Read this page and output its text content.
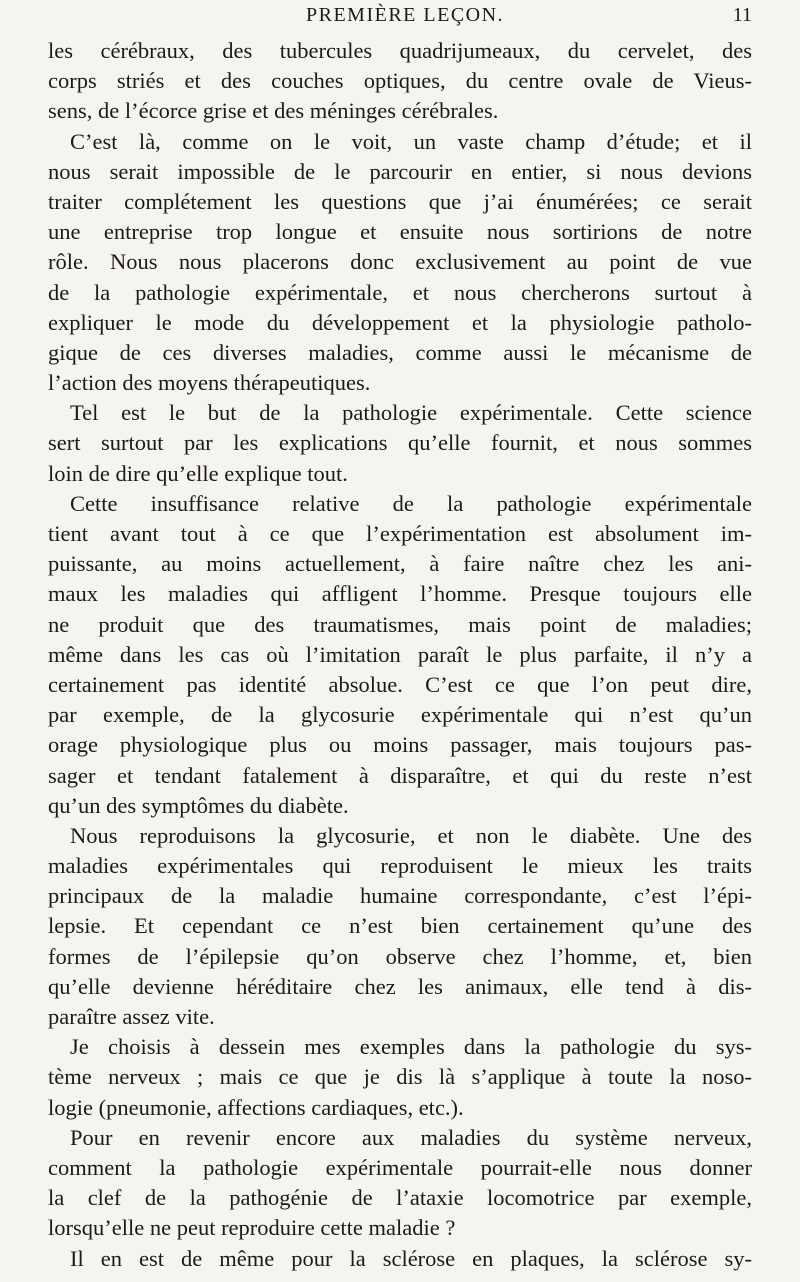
PREMIÈRE LEÇON.	11
les cérébraux, des tubercules quadrijumeaux, du cervelet, des
corps striés et des couches optiques, du centre ovale de Vieus-
sens, de l’écorce grise et des méninges cérébrales.
C’est là, comme on le voit, un vaste champ d’étude; et il
nous serait impossible de le parcourir en entier, si nous devions
traiter complétement les questions que j’ai énumérées; ce serait
une entreprise trop longue et ensuite nous sortirions de notre
rôle. Nous nous placerons donc exclusivement au point de vue
de la pathologie expérimentale, et nous chercherons surtout à
expliquer le mode du développement et la physiologie patholo-
gique de ces diverses maladies, comme aussi le mécanisme de
l’action des moyens thérapeutiques.
Tel est le but de la pathologie expérimentale. Cette science
sert surtout par les explications qu’elle fournit, et nous sommes
loin de dire qu’elle explique tout.
Cette insuffisance relative de la pathologie expérimentale
tient avant tout à ce que l’expérimentation est absolument im-
puissante, au moins actuellement, à faire naître chez les ani-
maux les maladies qui affligent l’homme. Presque toujours elle
ne produit que des traumatismes, mais point de maladies;
même dans les cas où l’imitation paraît le plus parfaite, il n’y a
certainement pas identité absolue. C’est ce que l’on peut dire,
par exemple, de la glycosurie expérimentale qui n’est qu’un
orage physiologique plus ou moins passager, mais toujours pas-
sager et tendant fatalement à disparaître, et qui du reste n’est
qu’un des symptômes du diabète.
Nous reproduisons la glycosurie, et non le diabète. Une des
maladies expérimentales qui reproduisent le mieux les traits
principaux de la maladie humaine correspondante, c’est l’épi-
lepsie. Et cependant ce n’est bien certainement qu’une des
formes de l’épilepsie qu’on observe chez l’homme, et, bien
qu’elle devienne héréditaire chez les animaux, elle tend à dis-
paraître assez vite.
Je choisis à dessein mes exemples dans la pathologie du sys-
tème nerveux ; mais ce que je dis là s’applique à toute la noso-
logie (pneumonie, affections cardiaques, etc.).
Pour en revenir encore aux maladies du système nerveux,
comment la pathologie expérimentale pourrait-elle nous donner
la clef de la pathogénie de l’ataxie locomotrice par exemple,
lorsqu’elle ne peut reproduire cette maladie ?
Il en est de même pour la sclérose en plaques, la sclérose sy-
